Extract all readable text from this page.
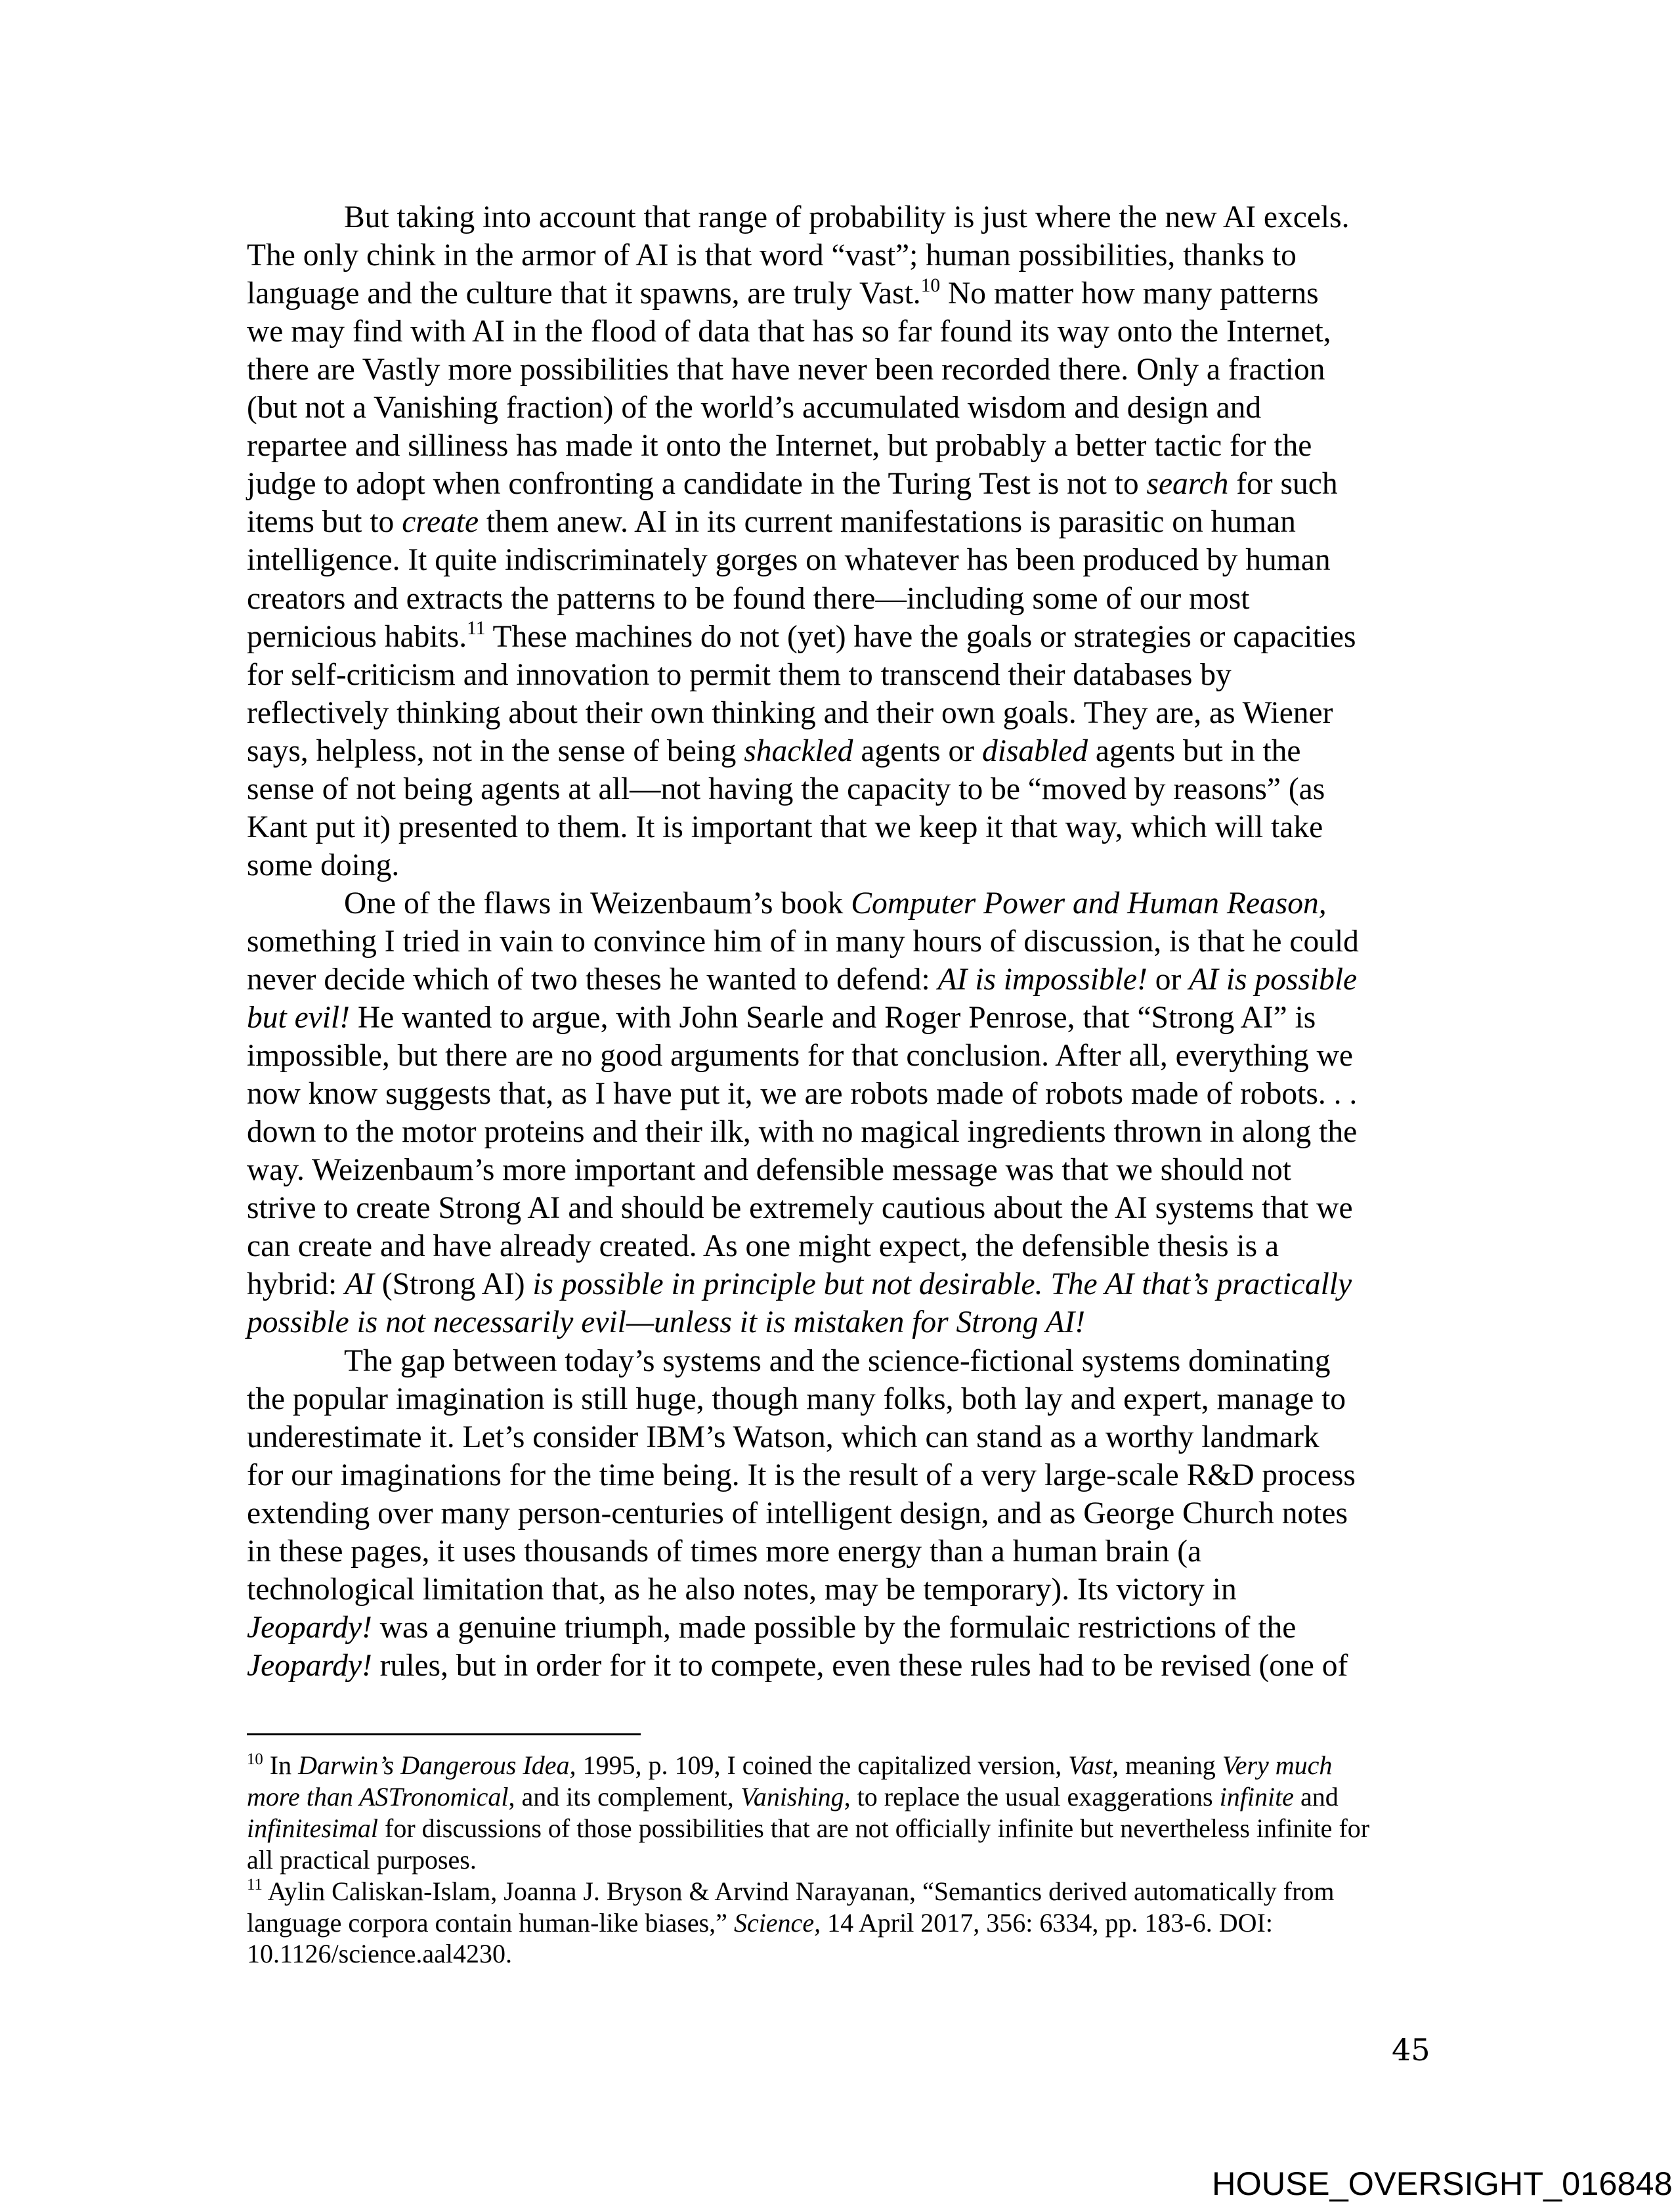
But taking into account that range of probability is just where the new AI excels.
The only chink in the armor of AI is that word “vast”; human possibilities, thanks to
language and the culture that it spawns, are truly Vast.$^{10}$ No matter how many patterns
we may find with AI in the flood of data that has so far found its way onto the Internet,
there are Vastly more possibilities that have never been recorded there. Only a fraction
(but not a Vanishing fraction) of the world’s accumulated wisdom and design and
repartee and silliness has made it onto the Internet, but probably a better tactic for the
judge to adopt when confronting a candidate in the Turing Test is not to search for such
items but to create them anew. AI in its current manifestations is parasitic on human
intelligence. It quite indiscriminately gorges on whatever has been produced by human
creators and extracts the patterns to be found there—including some of our most
pernicious habits.$^{11}$ These machines do not (yet) have the goals or strategies or capacities
for self-criticism and innovation to permit them to transcend their databases by
reflectively thinking about their own thinking and their own goals. They are, as Wiener
says, helpless, not in the sense of being shackled agents or disabled agents but in the
sense of not being agents at all—not having the capacity to be “moved by reasons” (as
Kant put it) presented to them. It is important that we keep it that way, which will take
some doing.
One of the flaws in Weizenbaum’s book Computer Power and Human Reason,
something I tried in vain to convince him of in many hours of discussion, is that he could
never decide which of two theses he wanted to defend: AI is impossible! or AI is possible
but evil! He wanted to argue, with John Searle and Roger Penrose, that “Strong AI” is
impossible, but there are no good arguments for that conclusion. After all, everything we
now know suggests that, as I have put it, we are robots made of robots made of robots. . .
down to the motor proteins and their ilk, with no magical ingredients thrown in along the
way. Weizenbaum’s more important and defensible message was that we should not
strive to create Strong AI and should be extremely cautious about the AI systems that we
can create and have already created. As one might expect, the defensible thesis is a
hybrid: AI (Strong AI) is possible in principle but not desirable. The AI that’s practically
possible is not necessarily evil—unless it is mistaken for Strong AI!
The gap between today’s systems and the science-fictional systems dominating
the popular imagination is still huge, though many folks, both lay and expert, manage to
underestimate it. Let’s consider IBM’s Watson, which can stand as a worthy landmark
for our imaginations for the time being. It is the result of a very large-scale R&D process
extending over many person-centuries of intelligent design, and as George Church notes
in these pages, it uses thousands of times more energy than a human brain (a
technological limitation that, as he also notes, may be temporary). Its victory in
Jeopardy! was a genuine triumph, made possible by the formulaic restrictions of the
Jeopardy! rules, but in order for it to compete, even these rules had to be revised (one of
$^{10}$ In Darwin’s Dangerous Idea, 1995, p. 109, I coined the capitalized version, Vast, meaning Very much
more than ASTronomical, and its complement, Vanishing, to replace the usual exaggerations infinite and
infinitesimal for discussions of those possibilities that are not officially infinite but nevertheless infinite for
all practical purposes.
$^{11}$ Aylin Caliskan-Islam, Joanna J. Bryson & Arvind Narayanan, “Semantics derived automatically from
language corpora contain human-like biases,” Science, 14 April 2017, 356: 6334, pp. 183-6. DOI:
10.1126/science.aal4230.
45
HOUSE_OVERSIGHT_016848
